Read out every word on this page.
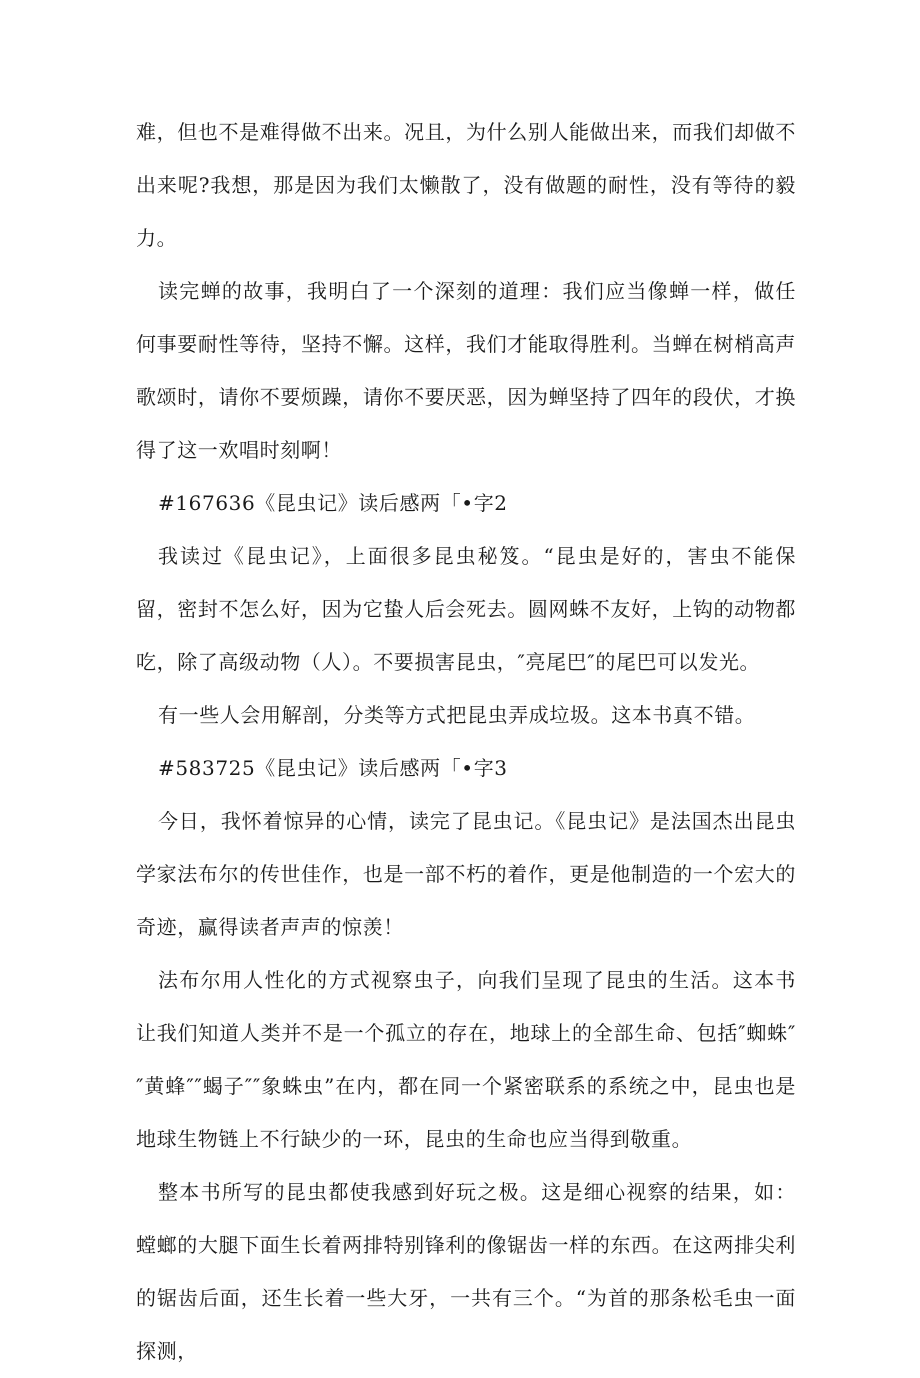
难，但也不是难得做不出来。况且，为什么别人能做出来，而我们却做不出来呢?我想，那是因为我们太懒散了，没有做题的耐性，没有等待的毅力。

读完蝉的故事，我明白了一个深刻的道理：我们应当像蝉一样，做任何事要耐性等待，坚持不懈。这样，我们才能取得胜利。当蝉在树梢高声歌颂时，请你不要烦躁，请你不要厌恶，因为蝉坚持了四年的段伏，才换得了这一欢唱时刻啊！

#167636《昆虫记》读后感两「•字2

我读过《昆虫记》，上面很多昆虫秘笈。“昆虫是好的，害虫不能保留，密封不怎么好，因为它蛰人后会死去。圆网蛛不友好，上钩的动物都吃，除了高级动物（人）。不要损害昆虫，″亮尾巴″的尾巴可以发光。

有一些人会用解剖，分类等方式把昆虫弄成垃圾。这本书真不错。

#583725《昆虫记》读后感两「•字3

今日，我怀着惊异的心情，读完了昆虫记。《昆虫记》是法国杰出昆虫学家法布尔的传世佳作，也是一部不朽的着作，更是他制造的一个宏大的奇迹，赢得读者声声的惊羡！

法布尔用人性化的方式视察虫子，向我们呈现了昆虫的生活。这本书让我们知道人类并不是一个孤立的存在，地球上的全部生命、包括″蜘蛛″″黄蜂″″蝎子″″象蛛虫”在内，都在同一个紧密联系的系统之中，昆虫也是地球生物链上不行缺少的一环，昆虫的生命也应当得到敬重。

整本书所写的昆虫都使我感到好玩之极。这是细心视察的结果，如：螳螂的大腿下面生长着两排特别锋利的像锯齿一样的东西。在这两排尖利的锯齿后面，还生长着一些大牙，一共有三个。“为首的那条松毛虫一面探测，
